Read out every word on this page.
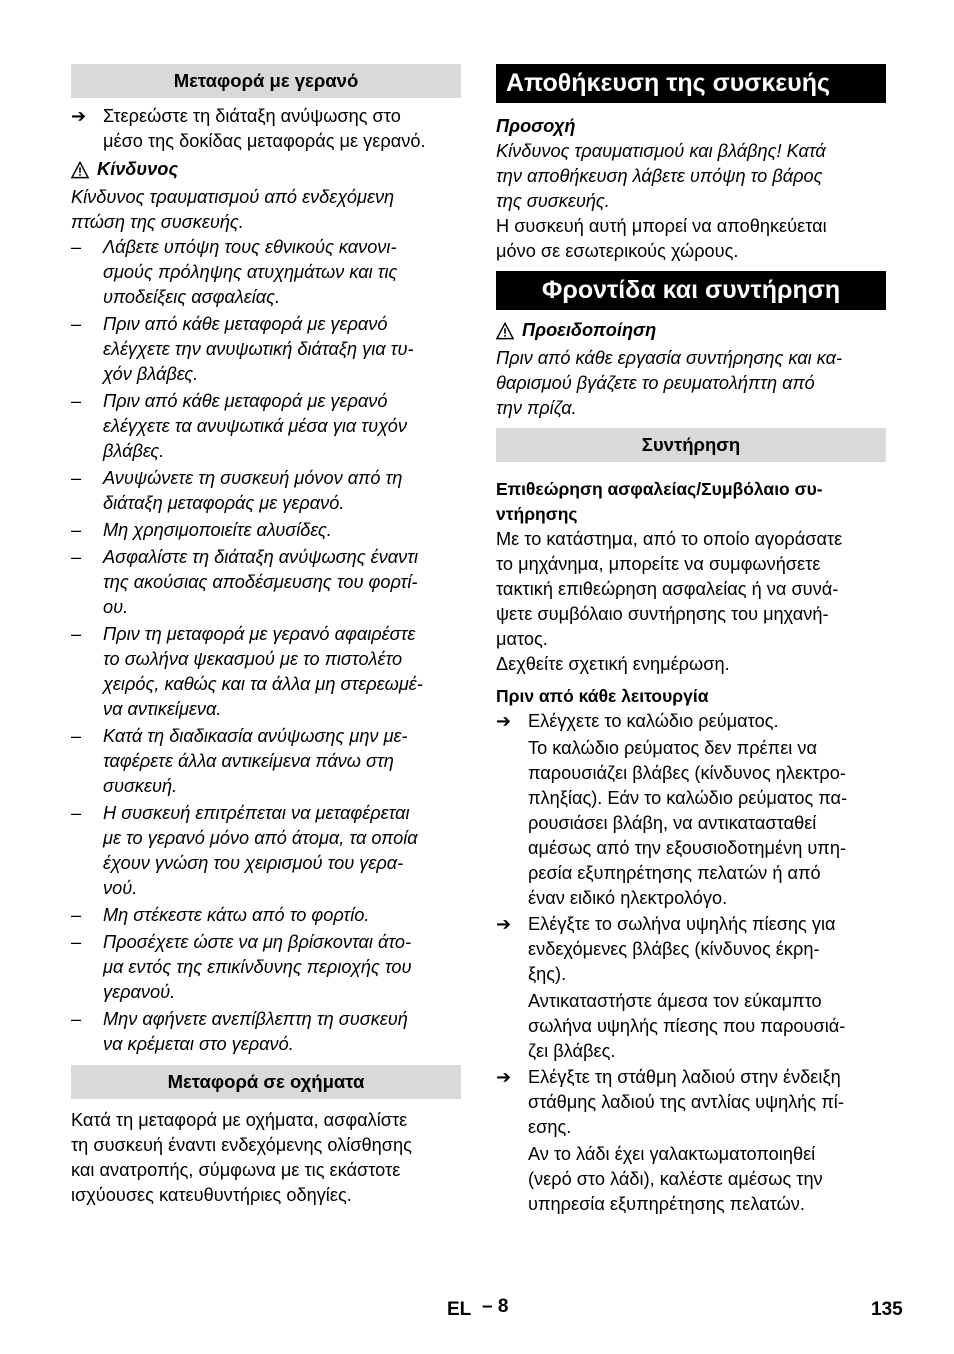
Μεταφορά με γερανό
➔ Στερεώστε τη διάταξη ανύψωσης στο

μέσο της δοκίδας μεταφοράς με γερανό.

Κίνδυνος

Κίνδυνος τραυματισμού από ενδεχόμενη

πτώση της συσκευής.

–	Λάβετε υπόψη τους εθνικούς κανονι-

σμούς πρόληψης ατυχημάτων και τις

υποδείξεις ασφαλείας.

–	Πριν από κάθε μεταφορά με γερανό

ελέγχετε την ανυψωτική διάταξη για τυ-

χόν βλάβες.

–	Πριν από κάθε μεταφορά με γερανό

ελέγχετε τα ανυψωτικά μέσα για τυχόν

βλάβες.

–	Ανυψώνετε τη συσκευή μόνον από τη

διάταξη μεταφοράς με γερανό.

–	Μη χρησιμοποιείτε αλυσίδες.

–	Ασφαλίστε τη διάταξη ανύψωσης έναντι

της ακούσιας αποδέσμευσης του φορτί-

ου.

–	Πριν τη μεταφορά με γερανό αφαιρέστε

το σωλήνα ψεκασμού με το πιστολέτο

χειρός, καθώς και τα άλλα μη στερεωμέ-

να αντικείμενα.

–	Κατά τη διαδικασία ανύψωσης μην με-

ταφέρετε άλλα αντικείμενα πάνω στη

συσκευή.

–	Η συσκευή επιτρέπεται να μεταφέρεται

με το γερανό μόνο από άτομα, τα οποία

έχουν γνώση του χειρισμού του γερα-

νού.

–	Μη στέκεστε κάτω από το φορτίο.

–	Προσέχετε ώστε να μη βρίσκονται άτο-

μα εντός της επικίνδυνης περιοχής του

γερανού.

–	Μην αφήνετε ανεπίβλεπτη τη συσκευή

να κρέμεται στο γερανό.

Μεταφορά σε οχήματα

Κατά τη μεταφορά με οχήματα, ασφαλίστε

τη συσκευή έναντι ενδεχόμενης ολίσθησης

και ανατροπής, σύμφωνα με τις εκάστοτε

ισχύουσες κατευθυντήριες οδηγίες.

Αποθήκευση της συσκευής

Προσοχή

Κίνδυνος τραυματισμού και βλάβης! Κατά

την αποθήκευση λάβετε υπόψη το βάρος

της συσκευής.

Η συσκευή αυτή μπορεί να αποθηκεύεται

μόνο σε εσωτερικούς χώρους.

Φροντίδα και συντήρηση
Προειδοποίηση

Πριν από κάθε εργασία συντήρησης και κα-

θαρισμού βγάζετε το ρευματολήπτη από

την πρίζα.

Συντήρηση

Επιθεώρηση ασφαλείας/Συμβόλαιο συ-

ντήρησης

Με το κατάστημα, από το οποίο αγοράσατε

το μηχάνημα, μπορείτε να συμφωνήσετε

τακτική επιθεώρηση ασφαλείας ή να συνά-

ψετε συμβόλαιο συντήρησης του μηχανή-

ματος.

Δεχθείτε σχετική ενημέρωση.

Πριν από κάθε λειτουργία

➔ Ελέγχετε το καλώδιο ρεύματος.

Το καλώδιο ρεύματος δεν πρέπει να

παρουσιάζει βλάβες (κίνδυνος ηλεκτρο-

πληξίας). Εάν το καλώδιο ρεύματος πα-

ρουσιάσει βλάβη, να αντικατασταθεί

αμέσως από την εξουσιοδοτημένη υπη-

ρεσία εξυπηρέτησης πελατών ή από

έναν ειδικό ηλεκτρολόγο.

➔ Ελέγξτε το σωλήνα υψηλής πίεσης για

ενδεχόμενες βλάβες (κίνδυνος έκρη-

ξης).

Αντικαταστήστε άμεσα τον εύκαμπτο

σωλήνα υψηλής πίεσης που παρουσιά-

ζει βλάβες.

➔ Ελέγξτε τη στάθμη λαδιού στην ένδειξη

στάθμης λαδιού της αντλίας υψηλής πί-

εσης.

Αν το λάδι έχει γαλακτωματοποιηθεί

(νερό στο λάδι), καλέστε αμέσως την

υπηρεσία εξυπηρέτησης πελατών.

EL – 8	135
